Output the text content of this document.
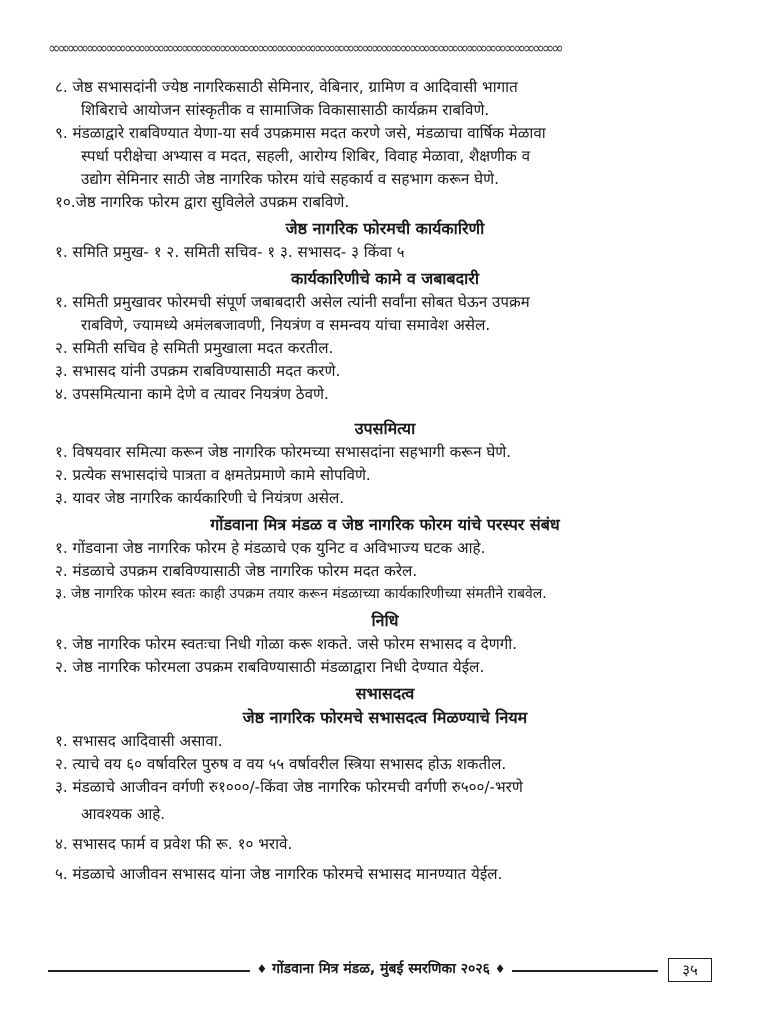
∞∞∞∞∞∞∞∞∞∞∞∞∞∞∞∞∞∞∞∞∞∞∞∞∞∞∞∞∞∞∞∞∞∞∞∞∞∞∞∞∞∞∞∞∞∞∞∞∞∞∞∞∞∞
८. जेष्ठ सभासदांनी ज्येष्ठ नागरिकसाठी सेमिनार, वेबिनार, ग्रामिण व आदिवासी भागात
शिबिराचे आयोजन सांस्कृतीक व सामाजिक विकासासाठी कार्यक्रम राबविणे.
९. मंडळाद्वारे राबविण्यात येणा-या सर्व उपक्रमास मदत करणे जसे, मंडळाचा वार्षिक मेळावा
स्पर्धा परीक्षेचा अभ्यास व मदत, सहली, आरोग्य शिबिर, विवाह मेळावा, शैक्षणीक व
उद्योग सेमिनार साठी जेष्ठ नागरिक फोरम यांचे सहकार्य व सहभाग करून घेणे.
१०.जेष्ठ नागरिक फोरम द्वारा सुविलेले उपक्रम राबविणे.
जेष्ठ नागरिक फोरमची कार्यकारिणी
१. समिति प्रमुख- १ २. समिती सचिव- १ ३. सभासद- ३ किंवा ५
कार्यकारिणीचे कामे व जबाबदारी
१. समिती प्रमुखावर फोरमची संपूर्ण जबाबदारी असेल त्यांनी सर्वांना सोबत घेऊन उपक्रम
राबविणे, ज्यामध्ये अमंलबजावणी, नियत्रंण व समन्वय यांचा समावेश असेल.
२. समिती सचिव हे समिती प्रमुखाला मदत करतील.
३. सभासद यांनी उपक्रम राबविण्यासाठी मदत करणे.
४. उपसमित्याना कामे देणे व त्यावर नियत्रंण ठेवणे.
उपसमित्या
१. विषयवार समित्या करून जेष्ठ नागरिक फोरमच्या सभासदांना सहभागी करून घेणे.
२. प्रत्येक सभासदांचे पात्रता व क्षमतेप्रमाणे कामे सोपविणे.
३. यावर जेष्ठ नागरिक कार्यकारिणी चे नियंत्रण असेल.
गोंडवाना मित्र मंडळ व जेष्ठ नागरिक फोरम यांचे परस्पर संबंध
१. गोंडवाना जेष्ठ नागरिक फोरम हे मंडळाचे एक युनिट व अविभाज्य घटक आहे.
२. मंडळाचे उपक्रम राबविण्यासाठी जेष्ठ नागरिक फोरम मदत करेल.
३. जेष्ठ नागरिक फोरम स्वतः काही उपक्रम तयार करून मंडळाच्या कार्यकारिणीच्या संमतीने राबवेल.
निधि
१. जेष्ठ नागरिक फोरम स्वतःचा निधी गोळा करू शकते. जसे फोरम सभासद व देणगी.
२. जेष्ठ नागरिक फोरमला उपक्रम राबविण्यासाठी मंडळाद्वारा निधी देण्यात येईल.
सभासदत्व
जेष्ठ नागरिक फोरमचे सभासदत्व मिळण्याचे नियम
१. सभासद आदिवासी असावा.
२. त्याचे वय ६० वर्षावरिल पुरुष व वय ५५ वर्षावरील स्त्रिया सभासद होऊ शकतील.
३. मंडळाचे आजीवन वर्गणी रु१०००/-किंवा जेष्ठ नागरिक फोरमची वर्गणी रु५००/-भरणे
आवश्यक आहे.
४. सभासद फार्म व प्रवेश फी रू. १० भरावे.
५. मंडळाचे आजीवन सभासद यांना जेष्ठ नागरिक फोरमचे सभासद मानण्यात येईल.
♦ गोंडवाना मित्र मंडळ, मुंबई स्मरणिका २०२६ ♦	३५
